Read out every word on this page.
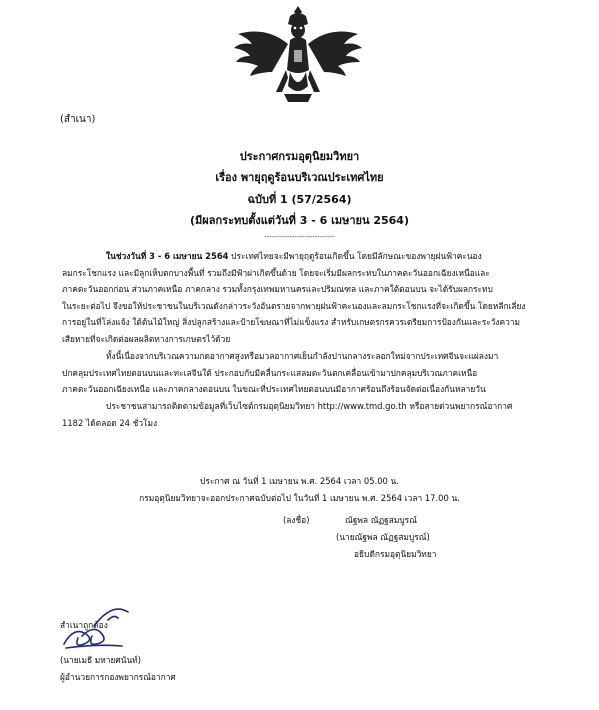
(สำเนา)
ประกาศกรมอุตุนิยมวิทยา
เรื่อง พายุฤดูร้อนบริเวณประเทศไทย
ฉบับที่ 1 (57/2564)
(มีผลกระทบตั้งแต่วันที่ 3 - 6 เมษายน 2564)
----------------------------
ในช่วงวันที่ 3 - 6 เมษายน 2564 ประเทศไทยจะมีพายุฤดูร้อนเกิดขึ้น โดยมีลักษณะของพายุฝนฟ้าคะนอง
ลมกระโชกแรง และมีลูกเห็บตกบางพื้นที่ รวมถึงมีฟ้าผ่าเกิดขึ้นด้วย โดยจะเริ่มมีผลกระทบในภาคตะวันออกเฉียงเหนือและ
ภาคตะวันออกก่อน ส่วนภาคเหนือ ภาคกลาง รวมทั้งกรุงเทพมหานครและปริมณฑล และภาคใต้ตอนบน จะได้รับผลกระทบ
ในระยะต่อไป จึงขอให้ประชาชนในบริเวณดังกล่าวระวังอันตรายจากพายุฝนฟ้าคะนองและลมกระโชกแรงที่จะเกิดขึ้น โดยหลีกเลี่ยง
การอยู่ในที่โล่งแจ้ง ใต้ต้นไม้ใหญ่ สิ่งปลูกสร้างและป้ายโฆษณาที่ไม่แข็งแรง สำหรับเกษตรกรควรเตรียมการป้องกันและระวังความ
เสียหายที่จะเกิดต่อผลผลิตทางการเกษตรไว้ด้วย
ทั้งนี้เนื่องจากบริเวณความกดอากาศสูงหรือมวลอากาศเย็นกำลังปานกลางระลอกใหม่จากประเทศจีนจะแผ่ลงมา
ปกคลุมประเทศไทยตอนบนและทะเลจีนใต้ ประกอบกับมีคลื่นกระแสลมตะวันตกเคลื่อนเข้ามาปกคลุมบริเวณภาคเหนือ
ภาคตะวันออกเฉียงเหนือ และภาคกลางตอนบน ในขณะที่ประเทศไทยตอนบนมีอากาศร้อนถึงร้อนจัดต่อเนื่องกันหลายวัน
ประชาชนสามารถติดตามข้อมูลที่เว็บไซต์กรมอุตุนิยมวิทยา http://www.tmd.go.th หรือสายด่วนพยากรณ์อากาศ
1182 ได้ตลอด 24 ชั่วโมง
ประกาศ ณ วันที่ 1 เมษายน พ.ศ. 2564 เวลา 05.00 น.
กรมอุตุนิยมวิทยาจะออกประกาศฉบับต่อไป ในวันที่ 1 เมษายน พ.ศ. 2564 เวลา 17.00 น.
(ลงชื่อ)	ณัฐพล ณัฏฐสมบูรณ์
(นายณัฐพล ณัฏฐสมบูรณ์)
อธิบดีกรมอุตุนิยมวิทยา
สำเนาถูกต้อง
(นายเมธี มหายศนันท์)
ผู้อำนวยการกองพยากรณ์อากาศ
